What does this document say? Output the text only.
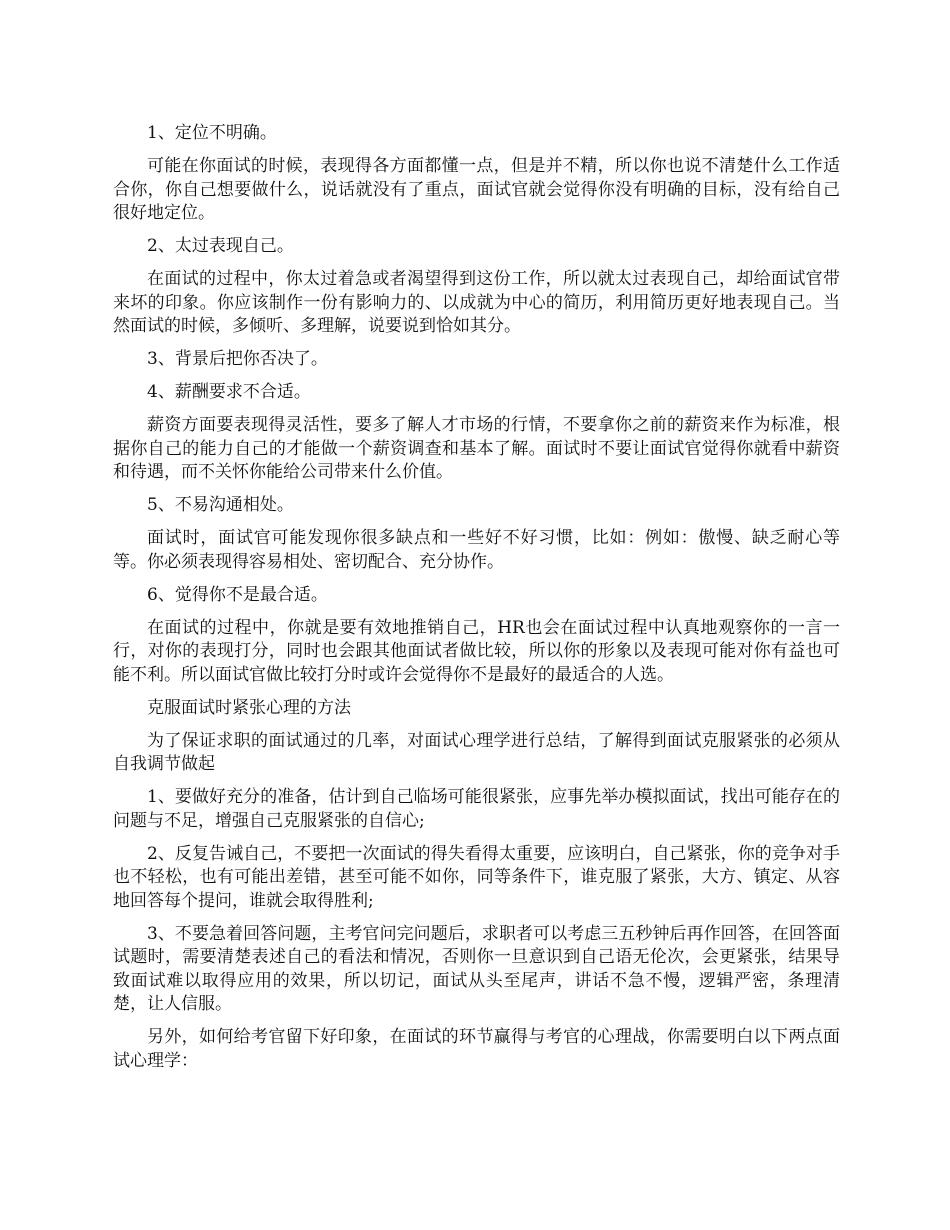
1、定位不明确。

可能在你面试的时候，表现得各方面都懂一点，但是并不精，所以你也说不清楚什么工作适合你，你自己想要做什么，说话就没有了重点，面试官就会觉得你没有明确的目标，没有给自己很好地定位。

2、太过表现自己。

在面试的过程中，你太过着急或者渴望得到这份工作，所以就太过表现自己，却给面试官带来坏的印象。你应该制作一份有影响力的、以成就为中心的简历，利用简历更好地表现自己。当然面试的时候，多倾听、多理解，说要说到恰如其分。

3、背景后把你否决了。

4、薪酬要求不合适。

薪资方面要表现得灵活性，要多了解人才市场的行情，不要拿你之前的薪资来作为标准，根据你自己的能力自己的才能做一个薪资调查和基本了解。面试时不要让面试官觉得你就看中薪资和待遇，而不关怀你能给公司带来什么价值。

5、不易沟通相处。

面试时，面试官可能发现你很多缺点和一些好不好习惯，比如：例如：傲慢、缺乏耐心等等。你必须表现得容易相处、密切配合、充分协作。

6、觉得你不是最合适。

在面试的过程中，你就是要有效地推销自己，HR也会在面试过程中认真地观察你的一言一行，对你的表现打分，同时也会跟其他面试者做比较，所以你的形象以及表现可能对你有益也可能不利。所以面试官做比较打分时或许会觉得你不是最好的最适合的人选。

克服面试时紧张心理的方法

为了保证求职的面试通过的几率，对面试心理学进行总结，了解得到面试克服紧张的必须从自我调节做起

1、要做好充分的准备，估计到自己临场可能很紧张，应事先举办模拟面试，找出可能存在的问题与不足，增强自己克服紧张的自信心;

2、反复告诫自己，不要把一次面试的得失看得太重要，应该明白，自己紧张，你的竞争对手也不轻松，也有可能出差错，甚至可能不如你，同等条件下，谁克服了紧张，大方、镇定、从容地回答每个提问，谁就会取得胜利;

3、不要急着回答问题，主考官问完问题后，求职者可以考虑三五秒钟后再作回答，在回答面试题时，需要清楚表述自己的看法和情况，否则你一旦意识到自己语无伦次，会更紧张，结果导致面试难以取得应用的效果，所以切记，面试从头至尾声，讲话不急不慢，逻辑严密，条理清楚，让人信服。

另外，如何给考官留下好印象，在面试的环节赢得与考官的心理战，你需要明白以下两点面试心理学：
